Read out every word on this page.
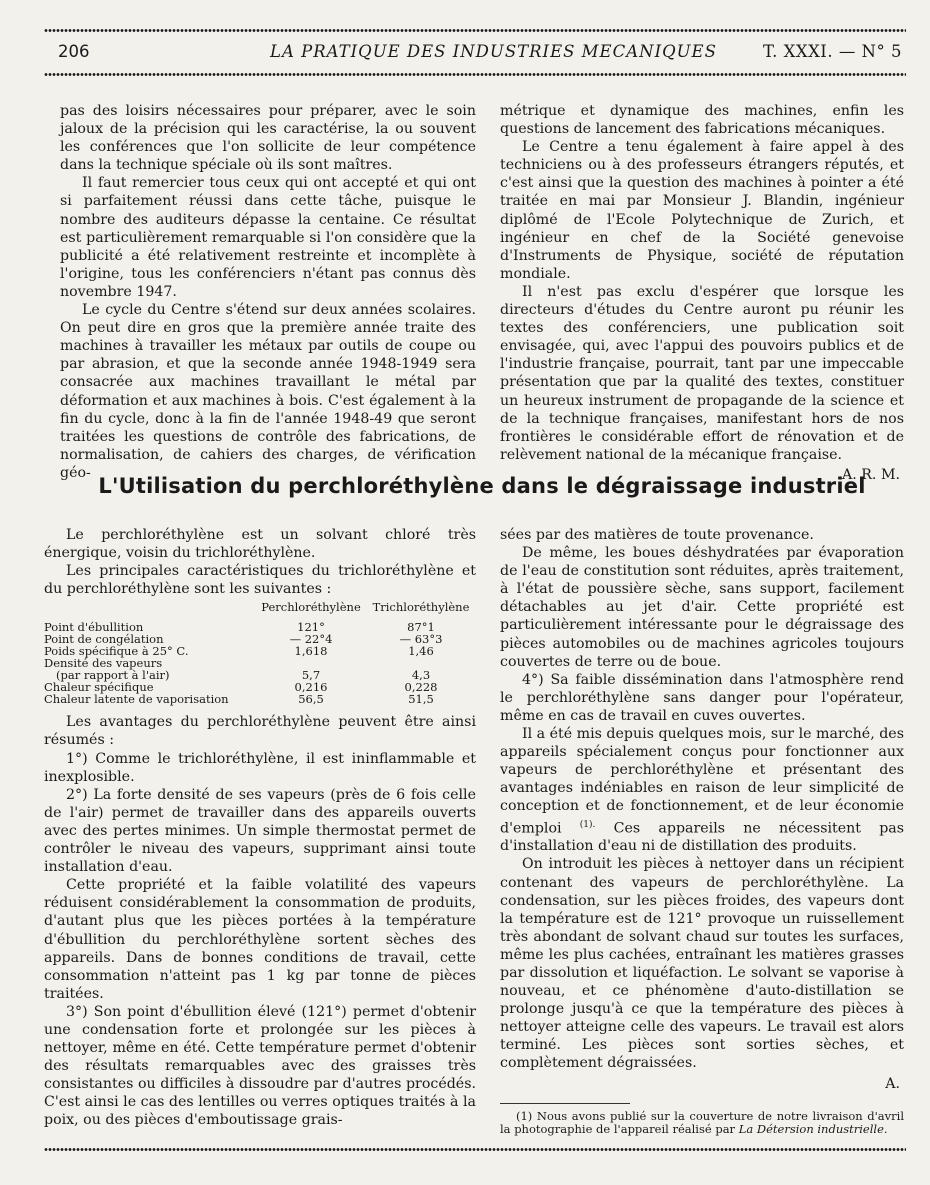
206	LA PRATIQUE DES INDUSTRIES MECANIQUES	T. XXXI. — N° 5

pas des loisirs nécessaires pour préparer, avec le soin jaloux de la précision qui les caractérise, la ou souvent les conférences que l'on sollicite de leur compétence dans la technique spéciale où ils sont maîtres.

Il faut remercier tous ceux qui ont accepté et qui ont si parfaitement réussi dans cette tâche, puisque le nombre des auditeurs dépasse la centaine. Ce résultat est particulièrement remarquable si l'on considère que la publicité a été relativement restreinte et incomplète à l'origine, tous les conférenciers n'étant pas connus dès novembre 1947.

Le cycle du Centre s'étend sur deux années scolaires. On peut dire en gros que la première année traite des machines à travailler les métaux par outils de coupe ou par abrasion, et que la seconde année 1948-1949 sera consacrée aux machines travaillant le métal par déformation et aux machines à bois. C'est également à la fin du cycle, donc à la fin de l'année 1948-49 que seront traitées les questions de contrôle des fabrications, de normalisation, de cahiers des charges, de vérification géo-

métrique et dynamique des machines, enfin les questions de lancement des fabrications mécaniques.

Le Centre a tenu également à faire appel à des techniciens ou à des professeurs étrangers réputés, et c'est ainsi que la question des machines à pointer a été traitée en mai par Monsieur J. Blandin, ingénieur diplômé de l'Ecole Polytechnique de Zurich, et ingénieur en chef de la Société genevoise d'Instruments de Physique, société de réputation mondiale.

Il n'est pas exclu d'espérer que lorsque les directeurs d'études du Centre auront pu réunir les textes des conférenciers, une publication soit envisagée, qui, avec l'appui des pouvoirs publics et de l'industrie française, pourrait, tant par une impeccable présentation que par la qualité des textes, constituer un heureux instrument de propagande de la science et de la technique françaises, manifestant hors de nos frontières le considérable effort de rénovation et de relèvement national de la mécanique française.

A. R. M.
L'Utilisation du perchloréthylène dans le dégraissage industriel

Le perchloréthylène est un solvant chloré très énergique, voisin du trichloréthylène.

Les principales caractéristiques du trichloréthylène et du perchloréthylène sont les suivantes :

	Perchloréthylène	Trichloréthylène
Point d'ébullition	121°	87°1
Point de congélation	— 22°4	— 63°3
Poids spécifique à 25° C.	1,618	1,46
Densité des vapeurs		
(par rapport à l'air)	5,7	4,3
Chaleur spécifique	0,216	0,228
Chaleur latente de vaporisation	56,5	51,5

Les avantages du perchloréthylène peuvent être ainsi résumés :

1°) Comme le trichloréthylène, il est ininflammable et inexplosible.

2°) La forte densité de ses vapeurs (près de 6 fois celle de l'air) permet de travailler dans des appareils ouverts avec des pertes minimes. Un simple thermostat permet de contrôler le niveau des vapeurs, supprimant ainsi toute installation d'eau.

Cette propriété et la faible volatilité des vapeurs réduisent considérablement la consommation de produits, d'autant plus que les pièces portées à la température d'ébullition du perchloréthylène sortent sèches des appareils. Dans de bonnes conditions de travail, cette consommation n'atteint pas 1 kg par tonne de pièces traitées.

3°) Son point d'ébullition élevé (121°) permet d'obtenir une condensation forte et prolongée sur les pièces à nettoyer, même en été. Cette température permet d'obtenir des résultats remarquables avec des graisses très consistantes ou difficiles à dissoudre par d'autres procédés. C'est ainsi le cas des lentilles ou verres optiques traités à la poix, ou des pièces d'emboutissage grais-

sées par des matières de toute provenance.

De même, les boues déshydratées par évaporation de l'eau de constitution sont réduites, après traitement, à l'état de poussière sèche, sans support, facilement détachables au jet d'air. Cette propriété est particulièrement intéressante pour le dégraissage des pièces automobiles ou de machines agricoles toujours couvertes de terre ou de boue.

4°) Sa faible dissémination dans l'atmosphère rend le perchloréthylène sans danger pour l'opérateur, même en cas de travail en cuves ouvertes.

Il a été mis depuis quelques mois, sur le marché, des appareils spécialement conçus pour fonctionner aux vapeurs de perchloréthylène et présentant des avantages indéniables en raison de leur simplicité de conception et de fonctionnement, et de leur économie d'emploi $^{(1).}$ Ces appareils ne nécessitent pas d'installation d'eau ni de distillation des produits.

On introduit les pièces à nettoyer dans un récipient contenant des vapeurs de perchloréthylène. La condensation, sur les pièces froides, des vapeurs dont la température est de 121° provoque un ruissellement très abondant de solvant chaud sur toutes les surfaces, même les plus cachées, entraînant les matières grasses par dissolution et liquéfaction. Le solvant se vaporise à nouveau, et ce phénomène d'auto-distillation se prolonge jusqu'à ce que la température des pièces à nettoyer atteigne celle des vapeurs. Le travail est alors terminé. Les pièces sont sorties sèches, et complètement dégraissées.

A.
(1) Nous avons publié sur la couverture de notre livraison d'avril la photographie de l'appareil réalisé par La Détersion industrielle.
